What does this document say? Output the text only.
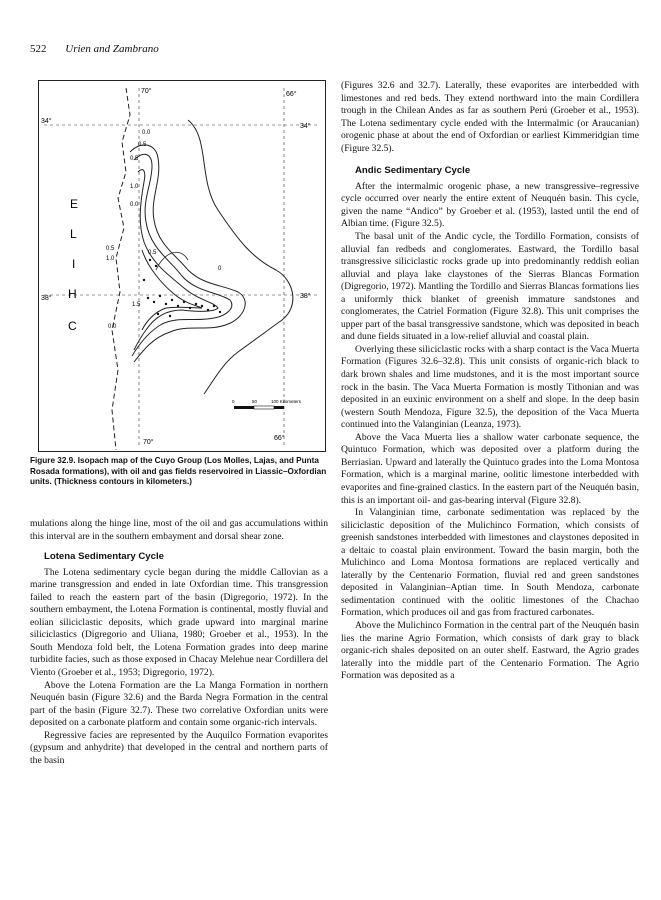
522 Urien and Zambrano
70°	66°
34°
34°
38°	38°
70°
66°
C
H
I
L
E
0.0
0.5
0.5
1.0
0.0
0.5
1.0
0.5
1.5
0
0.0
0	50	100 Kilometers
Figure 32.9. Isopach map of the Cuyo Group (Los Molles, Lajas, and Punta Rosada formations), with oil and gas fields reservoired in Liassic–Oxfordian units. (Thickness contours in kilometers.)

mulations along the hinge line, most of the oil and gas accumulations within this interval are in the southern embayment and dorsal shear zone.

Lotena Sedimentary Cycle

The Lotena sedimentary cycle began during the middle Callovian as a marine transgression and ended in late Oxfordian time. This transgression failed to reach the eastern part of the basin (Digregorio, 1972). In the southern embayment, the Lotena Formation is continental, mostly fluvial and eolian siliciclastic deposits, which grade upward into marginal marine siliciclastics (Digregorio and Uliana, 1980; Groeber et al., 1953). In the South Mendoza fold belt, the Lotena Formation grades into deep marine turbidite facies, such as those exposed in Chacay Melehue near Cordillera del Viento (Groeber et al., 1953; Digregorio, 1972).

Above the Lotena Formation are the La Manga Formation in northern Neuquén basin (Figure 32.6) and the Barda Negra Formation in the central part of the basin (Figure 32.7). These two correlative Oxfordian units were deposited on a carbonate platform and contain some organic-rich intervals.

Regressive facies are represented by the Auquilco Formation evaporites (gypsum and anhydrite) that developed in the central and northern parts of the basin

(Figures 32.6 and 32.7). Laterally, these evaporites are interbedded with limestones and red beds. They extend northward into the main Cordillera trough in the Chilean Andes as far as southern Perú (Groeber et al., 1953). The Lotena sedimentary cycle ended with the Intermalmic (or Araucanian) orogenic phase at about the end of Oxfordian or earliest Kimmeridgian time (Figure 32.5).

Andic Sedimentary Cycle

After the intermalmic orogenic phase, a new transgressive–regressive cycle occurred over nearly the entire extent of Neuquén basin. This cycle, given the name “Andico” by Groeber et al. (1953), lasted until the end of Albian time. (Figure 32.5).

The basal unit of the Andic cycle, the Tordillo Formation, consists of alluvial fan redbeds and conglomerates. Eastward, the Tordillo basal transgressive siliciclastic rocks grade up into predominantly reddish eolian alluvial and playa lake claystones of the Sierras Blancas Formation (Digregorio, 1972). Mantling the Tordillo and Sierras Blancas formations lies a uniformly thick blanket of greenish immature sandstones and conglomerates, the Catriel Formation (Figure 32.8). This unit comprises the upper part of the basal transgressive sandstone, which was deposited in beach and dune fields situated in a low-relief alluvial and coastal plain.

Overlying these siliciclastic rocks with a sharp contact is the Vaca Muerta Formation (Figures 32.6–32.8). This unit consists of organic-rich black to dark brown shales and lime mudstones, and it is the most important source rock in the basin. The Vaca Muerta Formation is mostly Tithonian and was deposited in an euxinic environment on a shelf and slope. In the deep basin (western South Mendoza, Figure 32.5), the deposition of the Vaca Muerta continued into the Valanginian (Leanza, 1973).

Above the Vaca Muerta lies a shallow water carbonate sequence, the Quintuco Formation, which was deposited over a platform during the Berriasian. Upward and laterally the Quintuco grades into the Loma Montosa Formation, which is a marginal marine, oolitic limestone interbedded with evaporites and fine-grained clastics. In the eastern part of the Neuquén basin, this is an important oil- and gas-bearing interval (Figure 32.8).

In Valanginian time, carbonate sedimentation was replaced by the siliciclastic deposition of the Mulichinco Formation, which consists of greenish sandstones interbedded with limestones and claystones deposited in a deltaic to coastal plain environment. Toward the basin margin, both the Mulichinco and Loma Montosa formations are replaced vertically and laterally by the Centenario Formation, fluvial red and green sandstones deposited in Valanginian–Aptian time. In South Mendoza, carbonate sedimentation continued with the oolitic limestones of the Chachao Formation, which produces oil and gas from fractured carbonates.

Above the Mulichinco Formation in the central part of the Neuquén basin lies the marine Agrio Formation, which consists of dark gray to black organic-rich shales deposited on an outer shelf. Eastward, the Agrio grades laterally into the middle part of the Centenario Formation. The Agrio Formation was deposited as a
